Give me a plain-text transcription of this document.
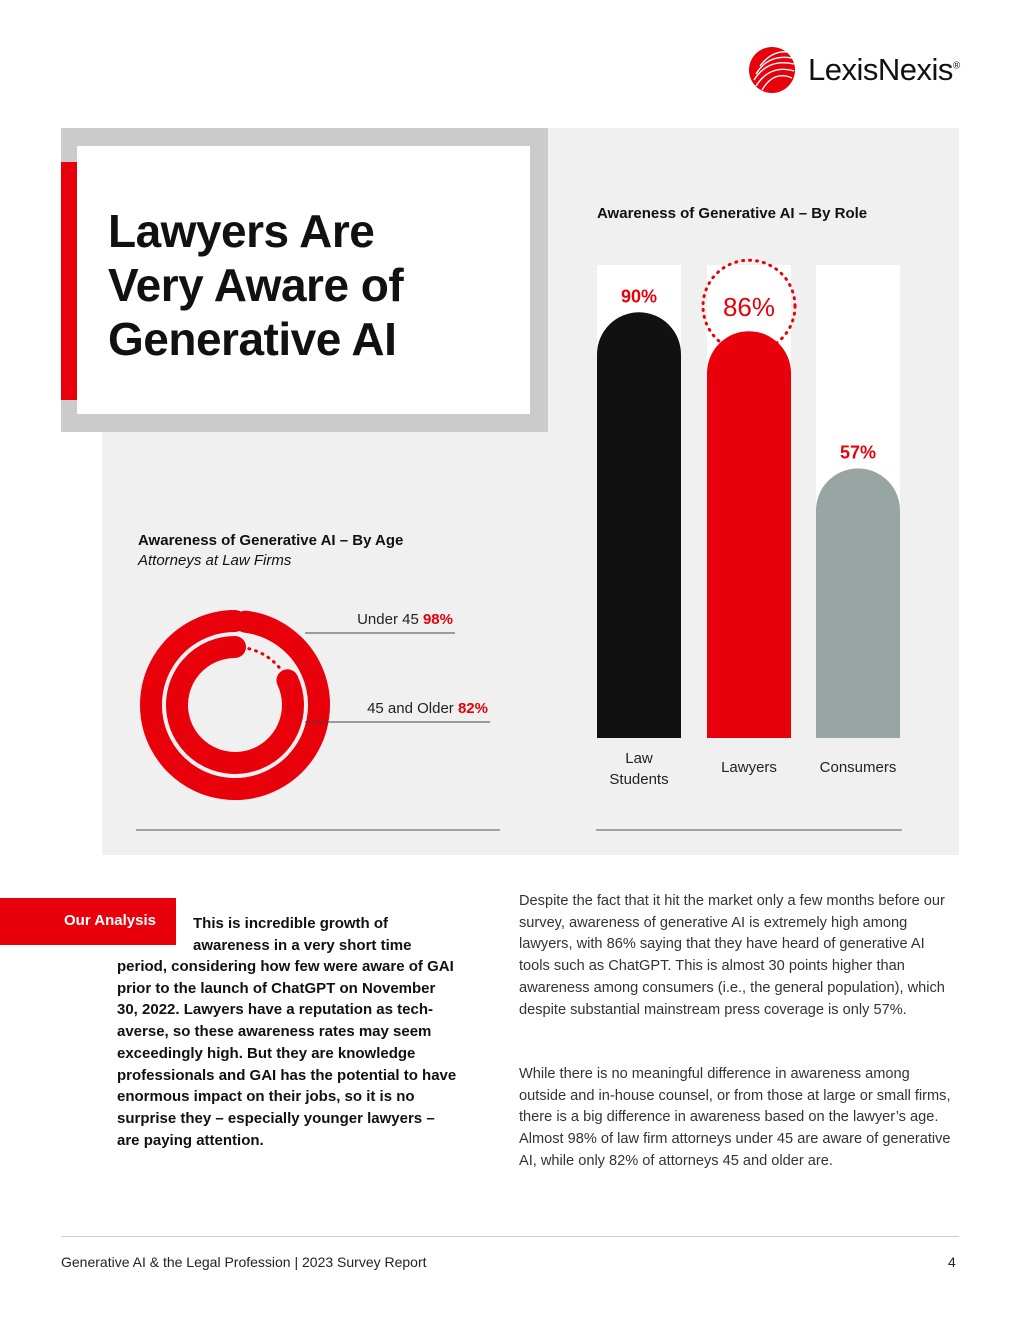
LexisNexis®
Lawyers Are
Very Aware of
Generative AI
Awareness of Generative AI – By Role
90%
Law
Students
86%
Lawyers
57%
Consumers
Awareness of Generative AI – By Age
Attorneys at Law Firms
Under 45 98%
45 and Older 82%
Our Analysis This is incredible growth of awareness in a very short time
period, considering how few were aware of GAI prior to the launch of ChatGPT on November 30, 2022. Lawyers have a reputation as tech-averse, so these awareness rates may seem exceedingly high. But they are knowledge professionals and GAI has the potential to have enormous impact on their jobs, so it is no surprise they – especially younger lawyers – are paying attention.
Despite the fact that it hit the market only a few months before our survey, awareness of generative AI is extremely high among lawyers, with 86% saying that they have heard of generative AI tools such as ChatGPT. This is almost 30 points higher than awareness among consumers (i.e., the general population), which despite substantial mainstream press coverage is only 57%.
While there is no meaningful difference in awareness among outside and in-house counsel, or from those at large or small firms, there is a big difference in awareness based on the lawyer’s age. Almost 98% of law firm attorneys under 45 are aware of generative AI, while only 82% of attorneys 45 and older are.
Generative AI & the Legal Profession | 2023 Survey Report	4
